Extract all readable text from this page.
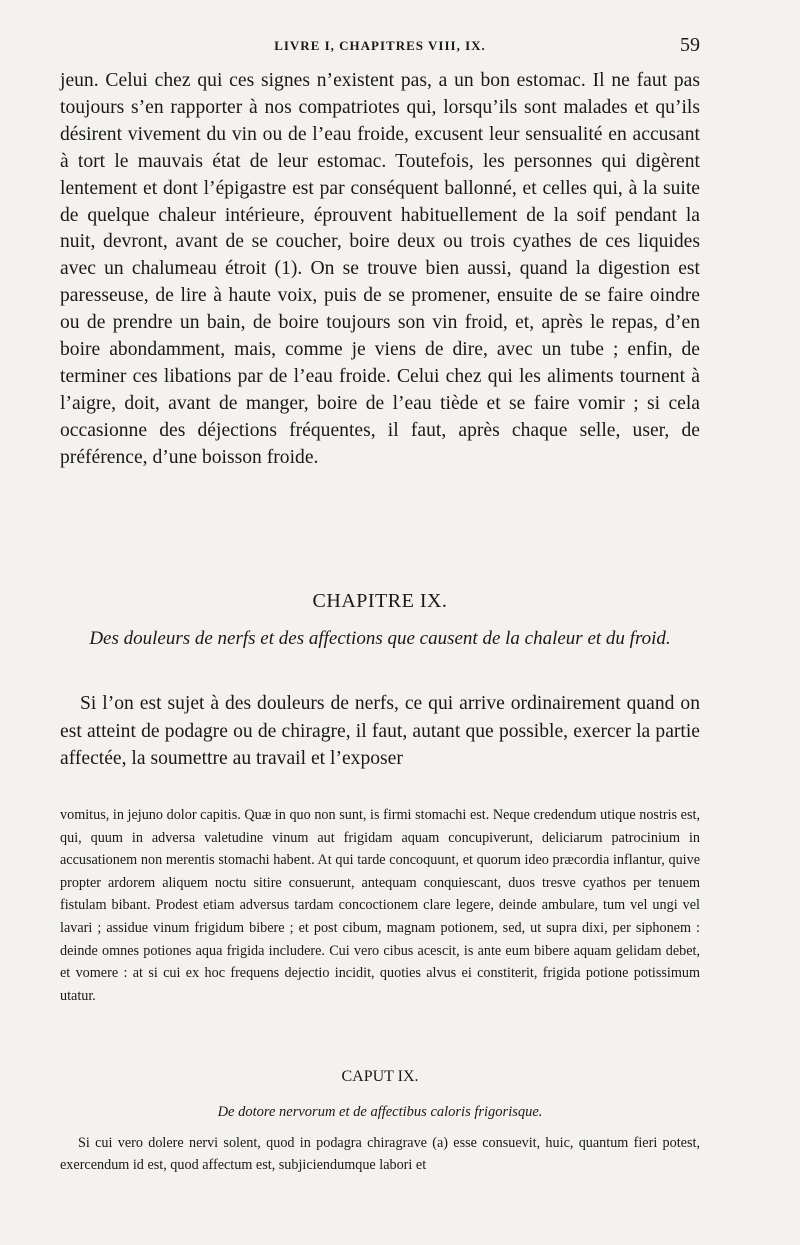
LIVRE I, CHAPITRES VIII, IX.	59

jeun. Celui chez qui ces signes n’existent pas, a un bon estomac. Il ne faut pas toujours s’en rapporter à nos compatriotes qui, lorsqu’ils sont malades et qu’ils désirent vivement du vin ou de l’eau froide, excusent leur sensualité en accusant à tort le mauvais état de leur estomac. Toutefois, les personnes qui digèrent lentement et dont l’épigastre est par conséquent ballonné, et celles qui, à la suite de quelque chaleur intérieure, éprouvent habituellement de la soif pendant la nuit, devront, avant de se coucher, boire deux ou trois cyathes de ces liquides avec un chalumeau étroit (1). On se trouve bien aussi, quand la digestion est paresseuse, de lire à haute voix, puis de se promener, ensuite de se faire oindre ou de prendre un bain, de boire toujours son vin froid, et, après le repas, d’en boire abondamment, mais, comme je viens de dire, avec un tube ; enfin, de terminer ces libations par de l’eau froide. Celui chez qui les aliments tournent à l’aigre, doit, avant de manger, boire de l’eau tiède et se faire vomir ; si cela occasionne des déjections fréquentes, il faut, après chaque selle, user, de préférence, d’une boisson froide.

CHAPITRE IX.
Des douleurs de nerfs et des affections que causent de la chaleur et du froid.

Si l’on est sujet à des douleurs de nerfs, ce qui arrive ordinairement quand on est atteint de podagre ou de chiragre, il faut, autant que possible, exercer la partie affectée, la soumettre au travail et l’exposer

vomitus, in jejuno dolor capitis. Quæ in quo non sunt, is firmi stomachi est. Neque credendum utique nostris est, qui, quum in adversa valetudine vinum aut frigidam aquam concupiverunt, deliciarum patrocinium in accusationem non merentis stomachi habent. At qui tarde concoquunt, et quorum ideo præcordia inflantur, quive propter ardorem aliquem noctu sitire consuerunt, antequam conquiescant, duos tresve cyathos per tenuem fistulam bibant. Prodest etiam adversus tardam concoctionem clare legere, deinde ambulare, tum vel ungi vel lavari ; assidue vinum frigidum bibere ; et post cibum, magnam potionem, sed, ut supra dixi, per siphonem : deinde omnes potiones aqua frigida includere. Cui vero cibus acescit, is ante eum bibere aquam gelidam debet, et vomere : at si cui ex hoc frequens dejectio incidit, quoties alvus ei constiterit, frigida potione potissimum utatur.

CAPUT IX.
De dotore nervorum et de affectibus caloris frigorisque.

Si cui vero dolere nervi solent, quod in podagra chiragrave (a) esse consuevit, huic, quantum fieri potest, exercendum id est, quod affectum est, subjiciendumque labori et
